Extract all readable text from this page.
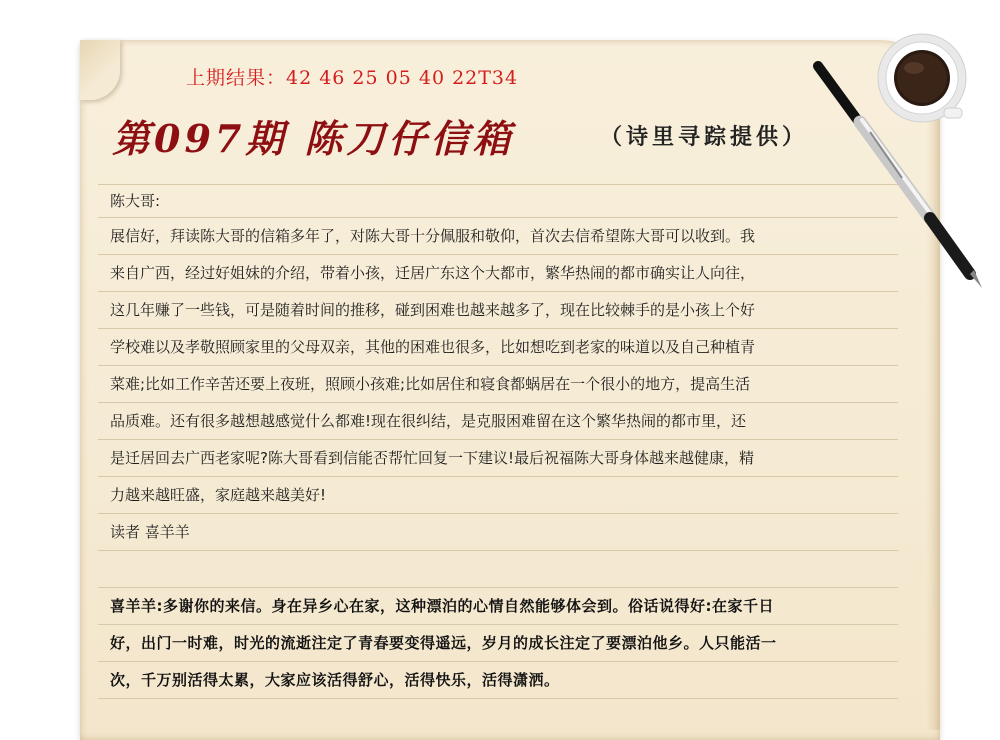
上期结果：42 46 25 05 40 22T34
第097期 陈刀仔信箱	（诗里寻踪提供）
陈大哥:
展信好，拜读陈大哥的信箱多年了，对陈大哥十分佩服和敬仰，首次去信希望陈大哥可以收到。我
来自广西，经过好姐妹的介绍，带着小孩，迁居广东这个大都市，繁华热闹的都市确实让人向往，
这几年赚了一些钱，可是随着时间的推移，碰到困难也越来越多了，现在比较棘手的是小孩上个好
学校难以及孝敬照顾家里的父母双亲，其他的困难也很多，比如想吃到老家的味道以及自己种植青
菜难;比如工作辛苦还要上夜班，照顾小孩难;比如居住和寝食都蜗居在一个很小的地方，提高生活
品质难。还有很多越想越感觉什么都难!现在很纠结，是克服困难留在这个繁华热闹的都市里，还
是迁居回去广西老家呢?陈大哥看到信能否帮忙回复一下建议!最后祝福陈大哥身体越来越健康，精
力越来越旺盛，家庭越来越美好!
读者 喜羊羊
喜羊羊:多谢你的来信。身在异乡心在家，这种漂泊的心情自然能够体会到。俗话说得好:在家千日
好，出门一时难，时光的流逝注定了青春要变得遥远，岁月的成长注定了要漂泊他乡。人只能活一
次，千万别活得太累，大家应该活得舒心，活得快乐，活得潇洒。
